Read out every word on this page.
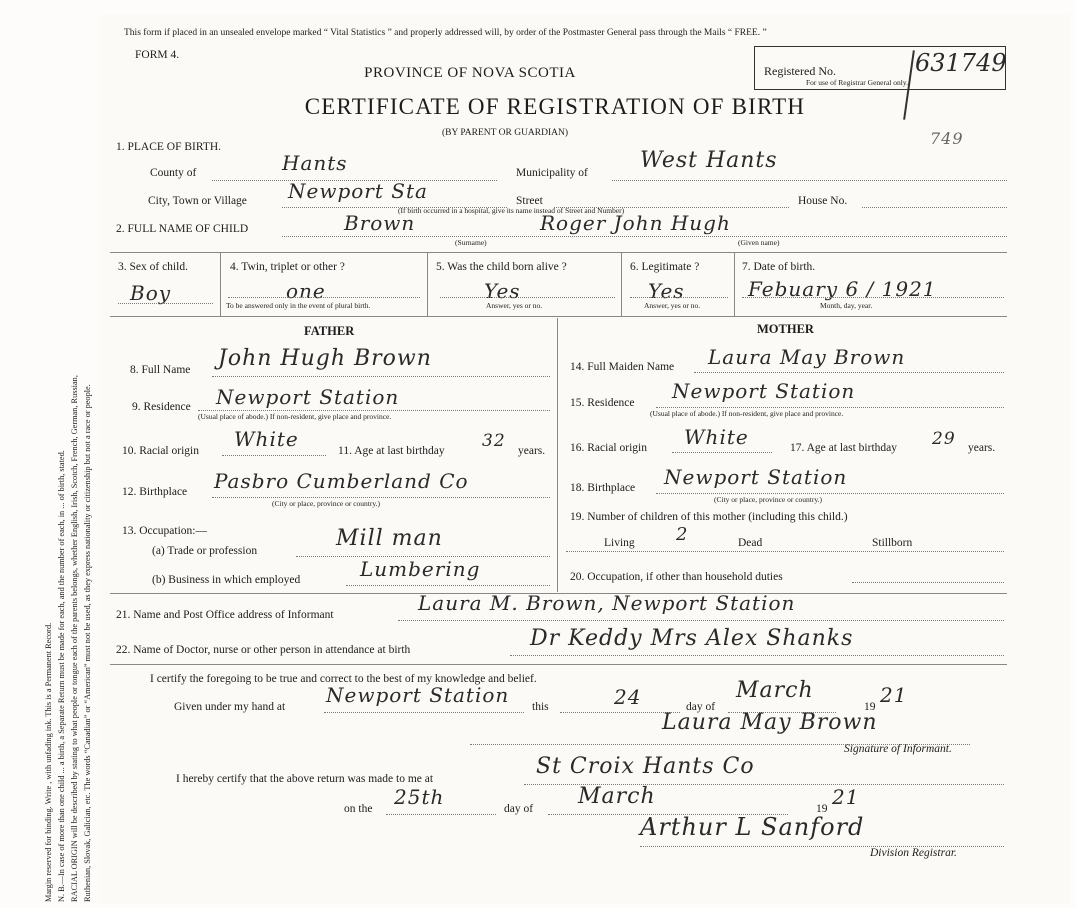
Margin reserved for binding. Write , with unfading ink. This is a Permanent Record. N. B.—In case of more than one child ... a birth, a Separate Return must be made for each, and the number of each, in ... of birth, stated. RACIAL ORIGIN will be described by stating to what people or tongue each of the parents belongs, whether English, Irish, Scotch, French, German, Russian, Ruthenian, Slovak, Galician, etc. The words “Canadian” or “American” must not be used, as they express nationality or citizenship but not a race or people.
This form if placed in an unsealed envelope marked “ Vital Statistics ” and properly addressed will, by order of the Postmaster General pass through the Mails “ FREE. ”
FORM 4.
PROVINCE OF NOVA SCOTIA
CERTIFICATE OF REGISTRATION OF BIRTH
(BY PARENT OR GUARDIAN)
Registered No.
For use of Registrar General only.
631749
749
1. PLACE OF BIRTH.
County of	Hants	Municipality of West Hants
City, Town or Village Newport Sta	Street	House No.
(If birth occurred in a hospital, give its name instead of Street and Number)
2. FULL NAME OF CHILD	Brown	Roger John Hugh
(Surname)	(Given name)
3. Sex of child.
Boy
4. Twin, triplet or other ?
one
To be answered only in the event of plural birth.
5. Was the child born alive ?
Yes
Answer, yes or no.
6. Legitimate ?
Yes
Answer, yes or no.
7. Date of birth.
Febuary 6 / 1921
Month, day, year.
FATHER	MOTHER
8. Full Name John Hugh Brown
9. Residence Newport Station
(Usual place of abode.) If non-resident, give place and province.
10. Racial origin White	11. Age at last birthday 32 years.
12. Birthplace Pasbro Cumberland Co
(City or place, province or country.)
13. Occupation:—
(a) Trade or profession	Mill man
(b) Business in which employed	Lumbering
14. Full Maiden Name Laura May Brown
15. Residence Newport Station
(Usual place of abode.) If non-resident, give place and province.
16. Racial origin White	17. Age at last birthday 29 years.
18. Birthplace Newport Station
(City or place, province or country.)
19. Number of children of this mother (including this child.)
Living 2	Dead	Stillborn
20. Occupation, if other than household duties
21. Name and Post Office address of Informant	Laura M. Brown, Newport Station
22. Name of Doctor, nurse or other person in attendance at birth	Dr Keddy Mrs Alex Shanks
I certify the foregoing to be true and correct to the best of my knowledge and belief.
Given under my hand at Newport Station this	24	day of
March
19 21
Laura May Brown
Signature of Informant.
I hereby certify that the above return was made to me at	St Croix Hants Co
on the 25th	day of March	19 21
Arthur L Sanford
Division Registrar.
